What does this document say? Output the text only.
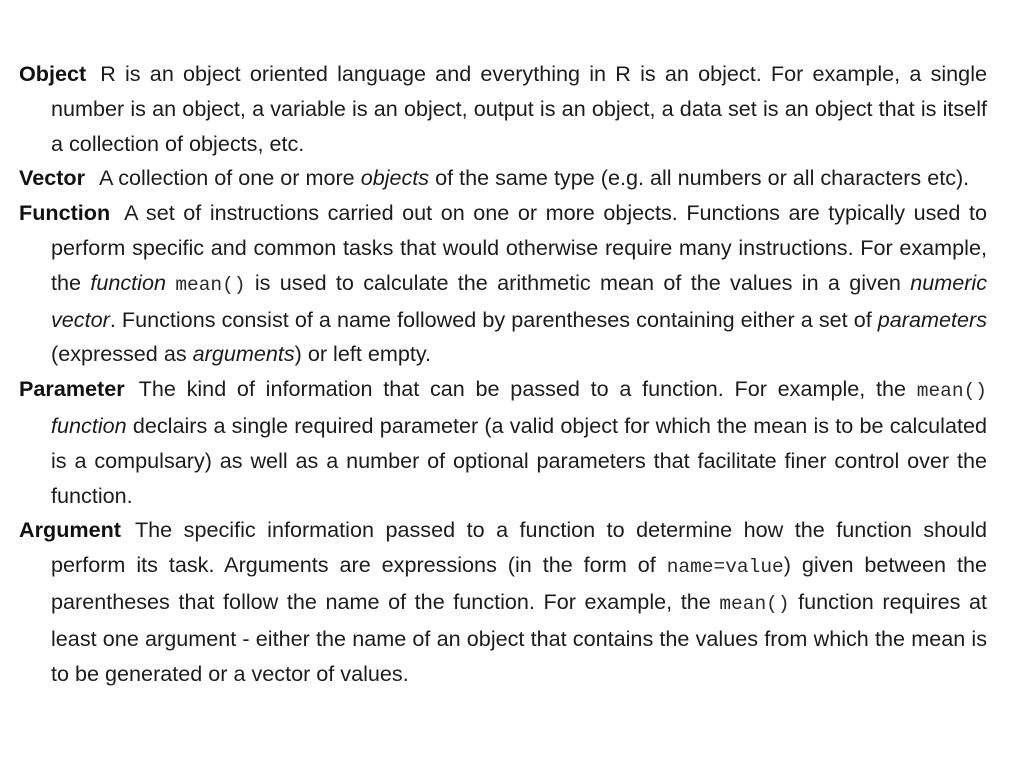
Object R is an object oriented language and everything in R is an object. For example, a single number is an object, a variable is an object, output is an object, a data set is an object that is itself a collection of objects, etc.

Vector A collection of one or more objects of the same type (e.g. all numbers or all characters etc).

Function A set of instructions carried out on one or more objects. Functions are typically used to perform specific and common tasks that would otherwise require many instructions. For example, the function mean() is used to calculate the arithmetic mean of the values in a given numeric vector. Functions consist of a name followed by parentheses containing either a set of parameters (expressed as arguments) or left empty.

Parameter The kind of information that can be passed to a function. For example, the mean() function declairs a single required parameter (a valid object for which the mean is to be calculated is a compulsary) as well as a number of optional parameters that facilitate finer control over the function.

Argument The specific information passed to a function to determine how the function should perform its task. Arguments are expressions (in the form of name=value) given between the parentheses that follow the name of the function. For example, the mean() function requires at least one argument - either the name of an object that contains the values from which the mean is to be generated or a vector of values.
